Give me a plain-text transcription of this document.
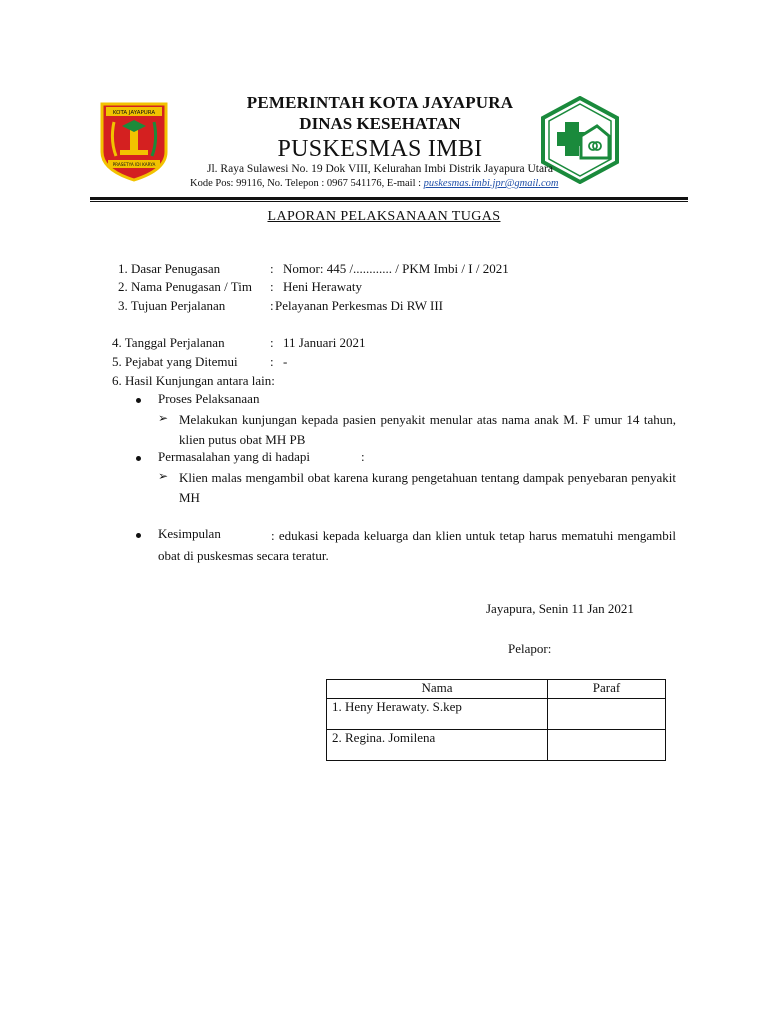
KOTA JAYAPURA
PRASETYA IDI KARYA
PEMERINTAH KOTA JAYAPURA
DINAS KESEHATAN
PUSKESMAS IMBI
Jl. Raya Sulawesi No. 19 Dok VIII, Kelurahan Imbi Distrik Jayapura Utara
Kode Pos: 99116, No. Telepon : 0967 541176, E-mail : puskesmas.imbi.jpr@gmail.com
LAPORAN PELAKSANAAN TUGAS
1. Dasar Penugasan	: Nomor: 445 /............ / PKM Imbi / I / 2021
2. Nama Penugasan / Tim : Heni Herawaty
3. Tujuan Perjalanan	: Pelayanan Perkesmas Di RW III
4. Tanggal Perjalanan	: 11 Januari 2021
5. Pejabat yang Ditemui : -
6. Hasil Kunjungan antara lain:
Proses Pelaksanaan
➢ Melakukan kunjungan kepada pasien penyakit menular atas nama anak M. F umur 14 tahun, klien putus obat MH PB
Permasalahan yang di hadapi	:
➢ Klien malas mengambil obat karena kurang pengetahuan tentang dampak penyebaran penyakit MH
Kesimpulan	: edukasi kepada keluarga dan klien untuk tetap harus mematuhi mengambil obat di puskesmas secara teratur.
Jayapura, Senin 11 Jan 2021
Pelapor:
Nama	Paraf
1. Heny Herawaty. S.kep	
2. Regina. Jomilena	
